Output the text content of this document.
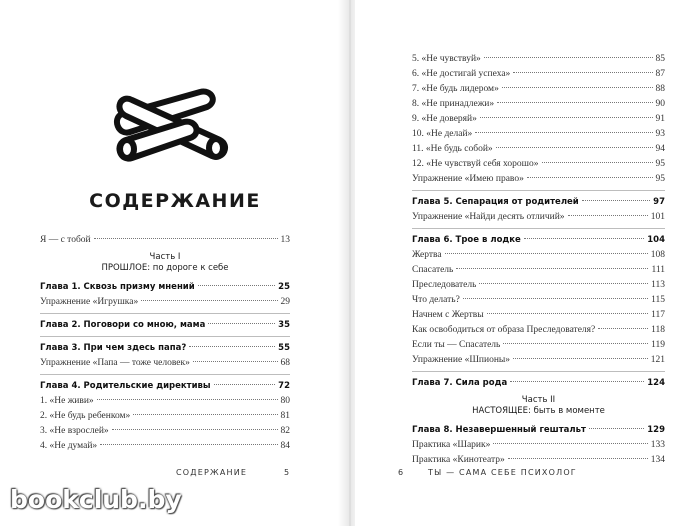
СОДЕРЖАНИЕ
Я — с тобой	13
Часть I
ПРОШЛОЕ: по дороге к себе
Глава 1. Сквозь призму мнений	25
Упражнение «Игрушка»	29
Глава 2. Поговори со мною, мама	35
Глава 3. При чем здесь папа?	55
Упражнение «Папа — тоже человек»	68
Глава 4. Родительские директивы	72
1. «Не живи»	80
2. «Не будь ребенком»	81
3. «Не взрослей»	82
4. «Не думай»	84
СОДЕРЖАНИЕ	5	6	ТЫ — САМА СЕБЕ ПСИХОЛОГ
5. «Не чувствуй»	85
6. «Не достигай успеха»	87
7. «Не будь лидером»	88
8. «Не принадлежи»	90
9. «Не доверяй»	91
10. «Не делай»	93
11. «Не будь собой»	94
12. «Не чувствуй себя хорошо»	95
Упражнение «Имею право»	95
Глава 5. Сепарация от родителей	97
Упражнение «Найди десять отличий»	101
Глава 6. Трое в лодке	104
Жертва	108
Спасатель	111
Преследователь	113
Что делать?	115
Начнем с Жертвы	117
Как освободиться от образа Преследователя?	118
Если ты — Спасатель	119
Упражнение «Шпионы»	121
Глава 7. Сила рода	124
Часть II
НАСТОЯЩЕЕ: быть в моменте
Глава 8. Незавершенный гештальт	129
Практика «Шарик»	133
Практика «Кинотеатр»	134
bookclub.by
